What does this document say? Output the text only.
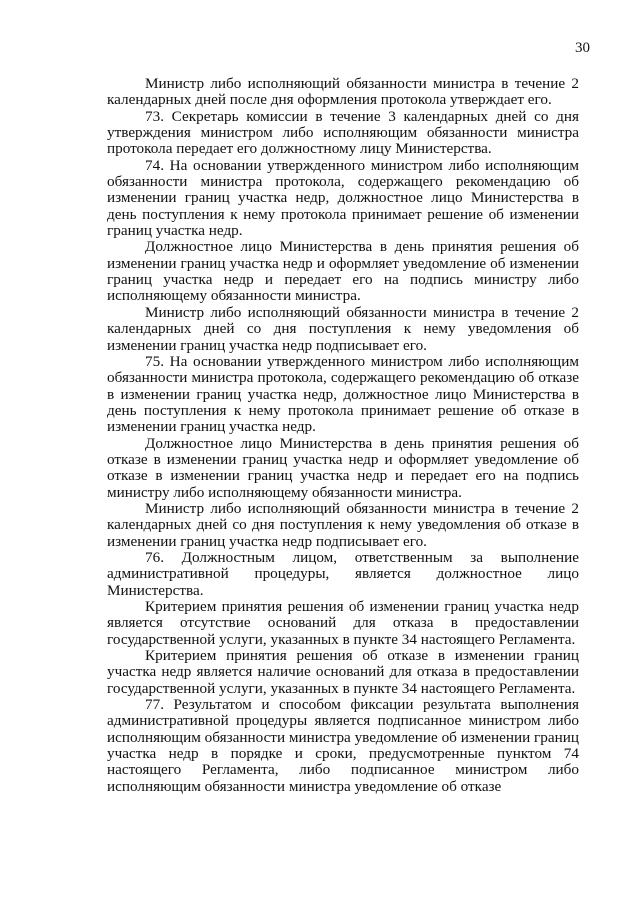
30

Министр либо исполняющий обязанности министра в течение 2 календарных дней после дня оформления протокола утверждает его.

73. Секретарь комиссии в течение 3 календарных дней со дня утверждения министром либо исполняющим обязанности министра протокола передает его должностному лицу Министерства.

74. На основании утвержденного министром либо исполняющим обязанности министра протокола, содержащего рекомендацию об изменении границ участка недр, должностное лицо Министерства в день поступления к нему протокола принимает решение об изменении границ участка недр.

Должностное лицо Министерства в день принятия решения об изменении границ участка недр и оформляет уведомление об изменении границ участка недр и передает его на подпись министру либо исполняющему обязанности министра.

Министр либо исполняющий обязанности министра в течение 2 календарных дней со дня поступления к нему уведомления об изменении границ участка недр подписывает его.

75. На основании утвержденного министром либо исполняющим обязанности министра протокола, содержащего рекомендацию об отказе в изменении границ участка недр, должностное лицо Министерства в день поступления к нему протокола принимает решение об отказе в изменении границ участка недр.

Должностное лицо Министерства в день принятия решения об отказе в изменении границ участка недр и оформляет уведомление об отказе в изменении границ участка недр и передает его на подпись министру либо исполняющему обязанности министра.

Министр либо исполняющий обязанности министра в течение 2 календарных дней со дня поступления к нему уведомления об отказе в изменении границ участка недр подписывает его.

76. Должностным лицом, ответственным за выполнение административной процедуры, является должностное лицо Министерства.

Критерием принятия решения об изменении границ участка недр является отсутствие оснований для отказа в предоставлении государственной услуги, указанных в пункте 34 настоящего Регламента.

Критерием принятия решения об отказе в изменении границ участка недр является наличие оснований для отказа в предоставлении государственной услуги, указанных в пункте 34 настоящего Регламента.

77. Результатом и способом фиксации результата выполнения административной процедуры является подписанное министром либо исполняющим обязанности министра уведомление об изменении границ участка недр в порядке и сроки, предусмотренные пунктом 74 настоящего Регламента, либо подписанное министром либо исполняющим обязанности министра уведомление об отказе
